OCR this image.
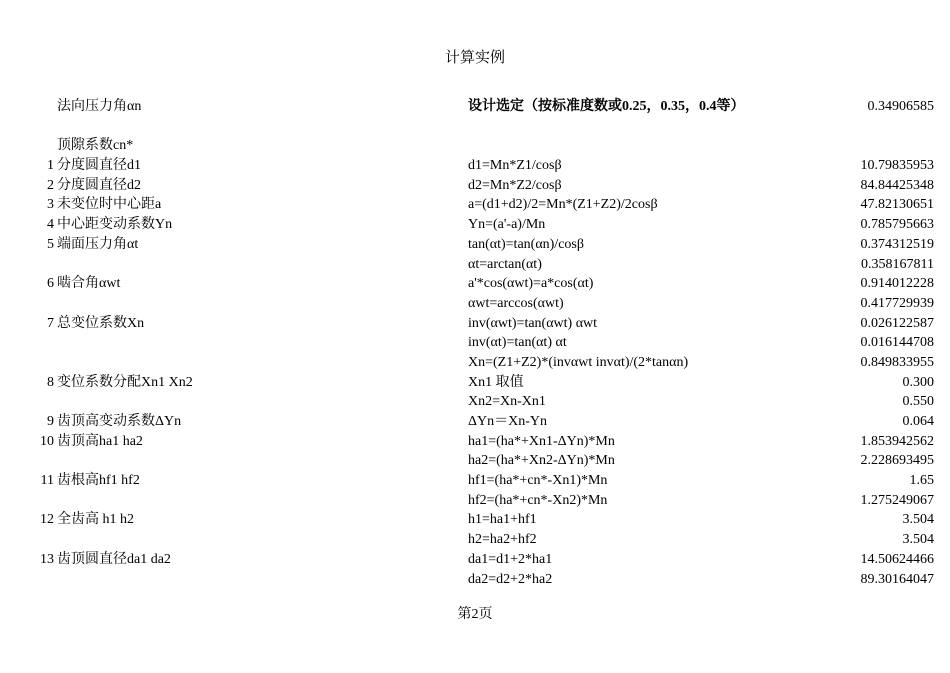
计算实例
法向压力角αn	设计选定（按标准度数或0.25，0.35，0.4等）	0.34906585
顶隙系数cn*
1 分度圆直径d1	d1=Mn*Z1/cosβ	10.79835953
2 分度圆直径d2	d2=Mn*Z2/cosβ	84.84425348
3 未变位时中心距a	a=(d1+d2)/2=Mn*(Z1+Z2)/2cosβ	47.82130651
4 中心距变动系数Yn	Yn=(a'-a)/Mn	0.785795663
5 端面压力角αt	tan(αt)=tan(αn)/cosβ	0.374312519
αt=arctan(αt)	0.358167811
6 啮合角αwt	a'*cos(αwt)=a*cos(αt)	0.914012228
αwt=arccos(αwt)	0.417729939
7 总变位系数Xn	inv(αwt)=tan(αwt) αwt	0.026122587
inv(αt)=tan(αt) αt	0.016144708
Xn=(Z1+Z2)*(invαwt invαt)/(2*tanαn)	0.849833955
8 变位系数分配Xn1 Xn2	Xn1 取值	0.300
Xn2=Xn-Xn1	0.550
9 齿顶高变动系数ΔYn	ΔYn＝Xn-Yn	0.064
10 齿顶高ha1 ha2	ha1=(ha*+Xn1-ΔYn)*Mn	1.853942562
ha2=(ha*+Xn2-ΔYn)*Mn	2.228693495
11 齿根高hf1 hf2	hf1=(ha*+cn*-Xn1)*Mn	1.65
hf2=(ha*+cn*-Xn2)*Mn	1.275249067
12 全齿高 h1 h2	h1=ha1+hf1	3.504
h2=ha2+hf2	3.504
13 齿顶圆直径da1 da2	da1=d1+2*ha1	14.50624466
da2=d2+2*ha2	89.30164047
第2页
